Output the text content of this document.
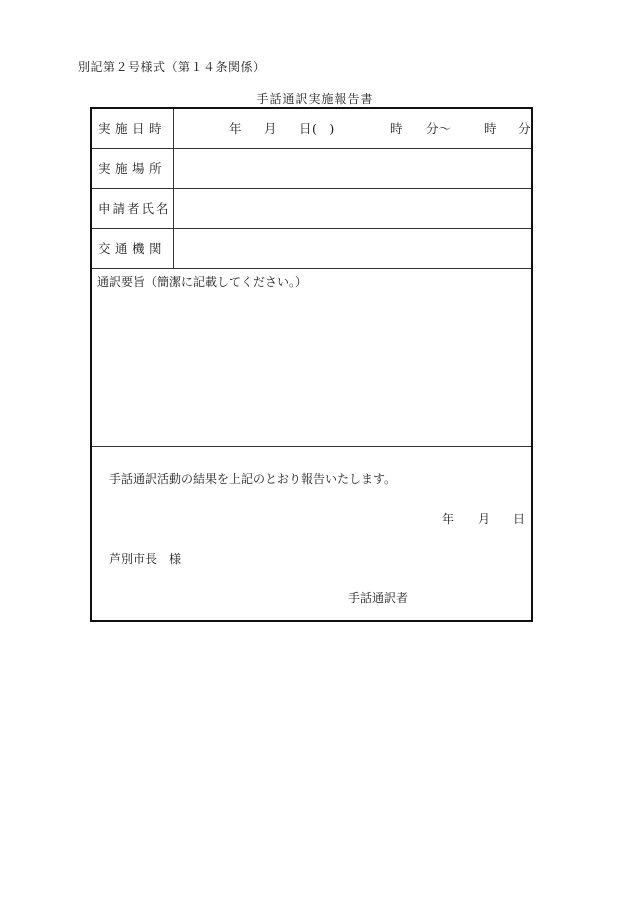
別記第２号様式（第１４条関係）
手話通訳実施報告書
実施日時	年 月 日 (　)	時 分〜	時 分
実施場所
申請者氏名
交通機関
通訳要旨（簡潔に記載してください。）
手話通訳活動の結果を上記のとおり報告いたします。
年 月 日
芦別市長　様
手話通訳者
